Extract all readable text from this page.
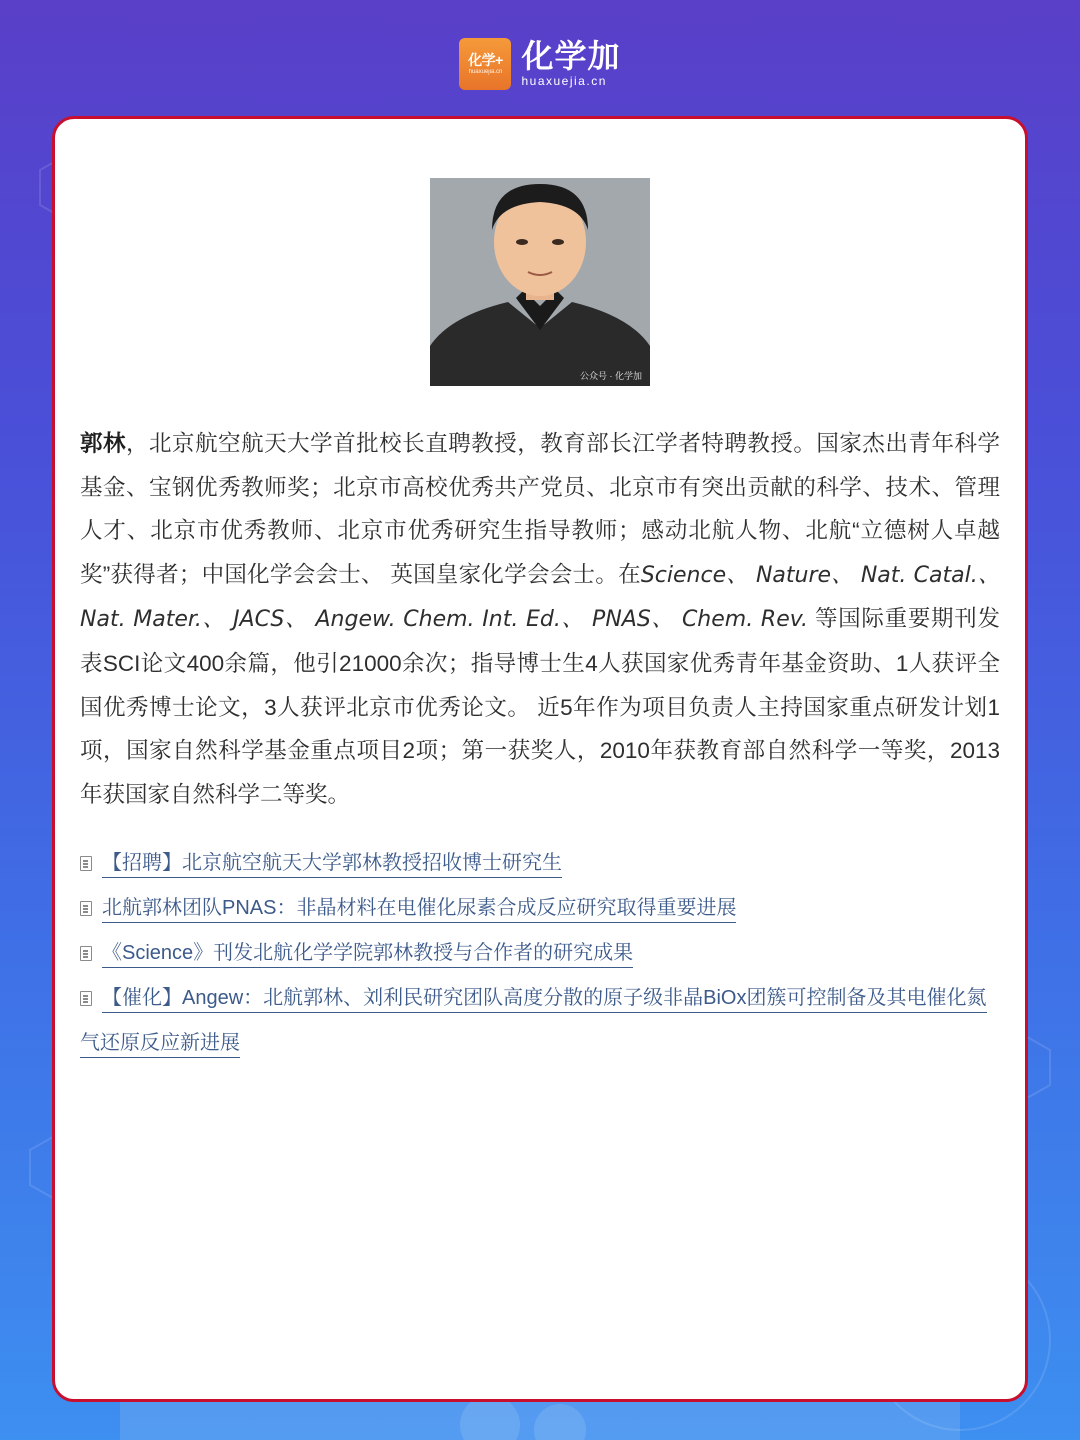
化学+
huaxuejia.cn 化学加
huaxuejia.cn
公众号 · 化学加

郭林，北京航空航天大学首批校长直聘教授，教育部长江学者特聘教授。国家杰出青年科学基金、宝钢优秀教师奖；北京市高校优秀共产党员、北京市有突出贡献的科学、技术、管理人才、北京市优秀教师、北京市优秀研究生指导教师；感动北航人物、北航“立德树人卓越奖”获得者；中国化学会会士、 英国皇家化学会会士。在Science、 Nature、 Nat. Catal.、 Nat. Mater.、 JACS、 Angew. Chem. Int. Ed.、 PNAS、 Chem. Rev. 等国际重要期刊发表SCI论文400余篇，他引21000余次；指导博士生4人获国家优秀青年基金资助、1人获评全国优秀博士论文，3人获评北京市优秀论文。 近5年作为项目负责人主持国家重点研发计划1项，国家自然科学基金重点项目2项；第一获奖人，2010年获教育部自然科学一等奖，2013年获国家自然科学二等奖。

【招聘】北京航空航天大学郭林教授招收博士研究生
北航郭林团队PNAS：非晶材料在电催化尿素合成反应研究取得重要进展
《Science》刊发北航化学学院郭林教授与合作者的研究成果
【催化】Angew：北航郭林、刘利民研究团队高度分散的原子级非晶BiOx团簇可控制备及其电催化氮气还原反应新进展
